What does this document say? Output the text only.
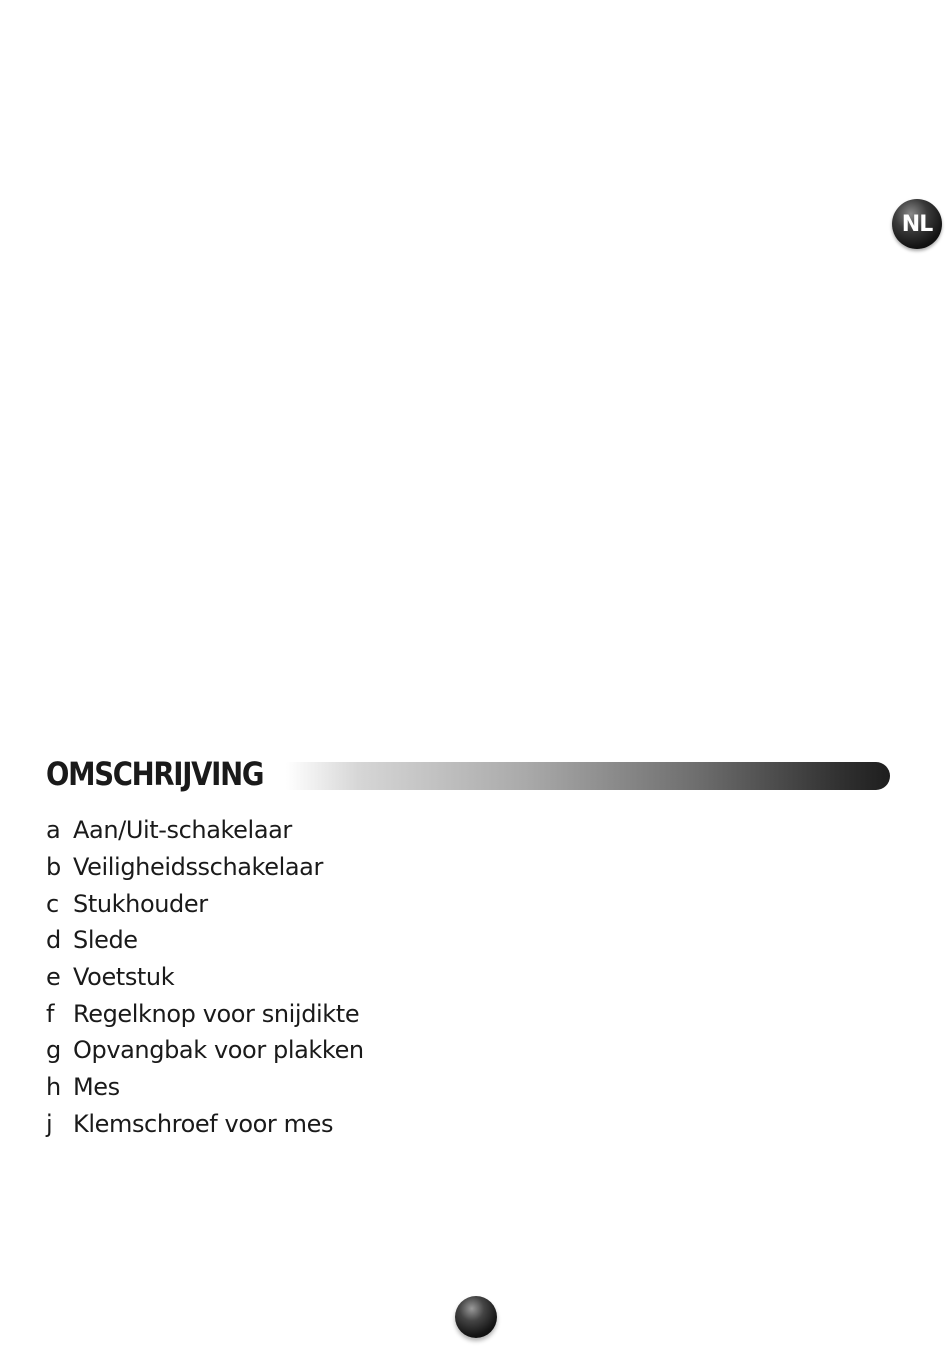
NL
OMSCHRIJVING
a Aan/Uit-schakelaar
b Veiligheidsschakelaar
c Stukhouder
d Slede
e Voetstuk
f Regelknop voor snijdikte
g Opvangbak voor plakken
h Mes
j Klemschroef voor mes
